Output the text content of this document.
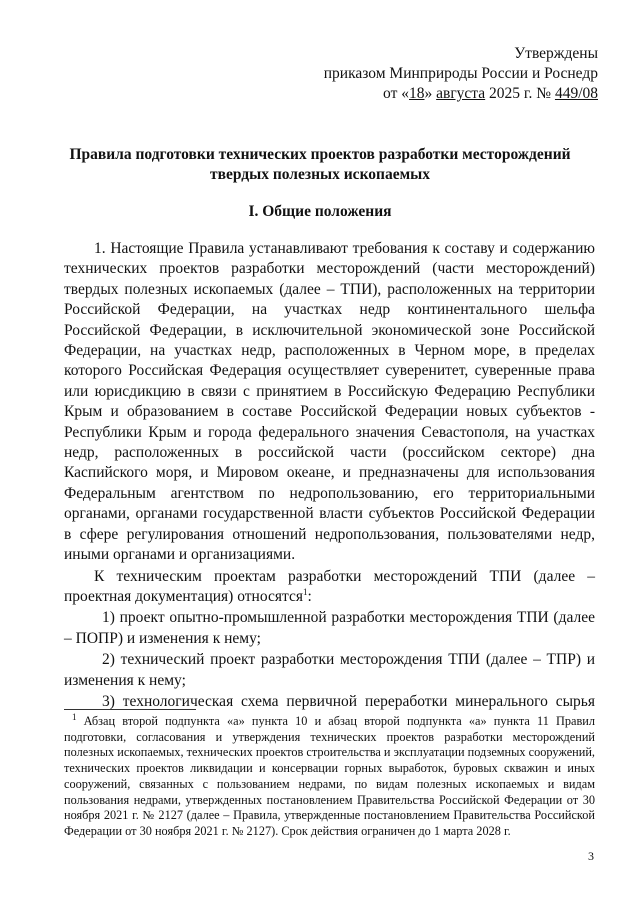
Утверждены
приказом Минприроды России и Роснедр
от «18» августа 2025 г. № 449/08
Правила подготовки технических проектов разработки месторождений
твердых полезных ископаемых
I. Общие положения

1. Настоящие Правила устанавливают требования к составу и содержанию технических проектов разработки месторождений (части месторождений) твердых полезных ископаемых (далее – ТПИ), расположенных на территории Российской Федерации, на участках недр континентального шельфа Российской Федерации, в исключительной экономической зоне Российской Федерации, на участках недр, расположенных в Черном море, в пределах которого Российская Федерация осуществляет суверенитет, суверенные права или юрисдикцию в связи с принятием в Российскую Федерацию Республики Крым и образованием в составе Российской Федерации новых субъектов - Республики Крым и города федерального значения Севастополя, на участках недр, расположенных в российской части (российском секторе) дна Каспийского моря, и Мировом океане, и предназначены для использования Федеральным агентством по недропользованию, его территориальными органами, органами государственной власти субъектов Российской Федерации в сфере регулирования отношений недропользования, пользователями недр, иными органами и организациями.

К техническим проектам разработки месторождений ТПИ (далее – проектная документация) относятся$^1$:

1) проект опытно-промышленной разработки месторождения ТПИ (далее – ПОПР) и изменения к нему;

2) технический проект разработки месторождения ТПИ (далее – ТПР) и изменения к нему;

3) технологическая схема первичной переработки минерального сырья

$^1$ Абзац второй подпункта «а» пункта 10 и абзац второй подпункта «а» пункта 11 Правил подготовки, согласования и утверждения технических проектов разработки месторождений полезных ископаемых, технических проектов строительства и эксплуатации подземных сооружений, технических проектов ликвидации и консервации горных выработок, буровых скважин и иных сооружений, связанных с пользованием недрами, по видам полезных ископаемых и видам пользования недрами, утвержденных постановлением Правительства Российской Федерации от 30 ноября 2021 г. № 2127 (далее – Правила, утвержденные постановлением Правительства Российской Федерации от 30 ноября 2021 г. № 2127). Срок действия ограничен до 1 марта 2028 г.
3
